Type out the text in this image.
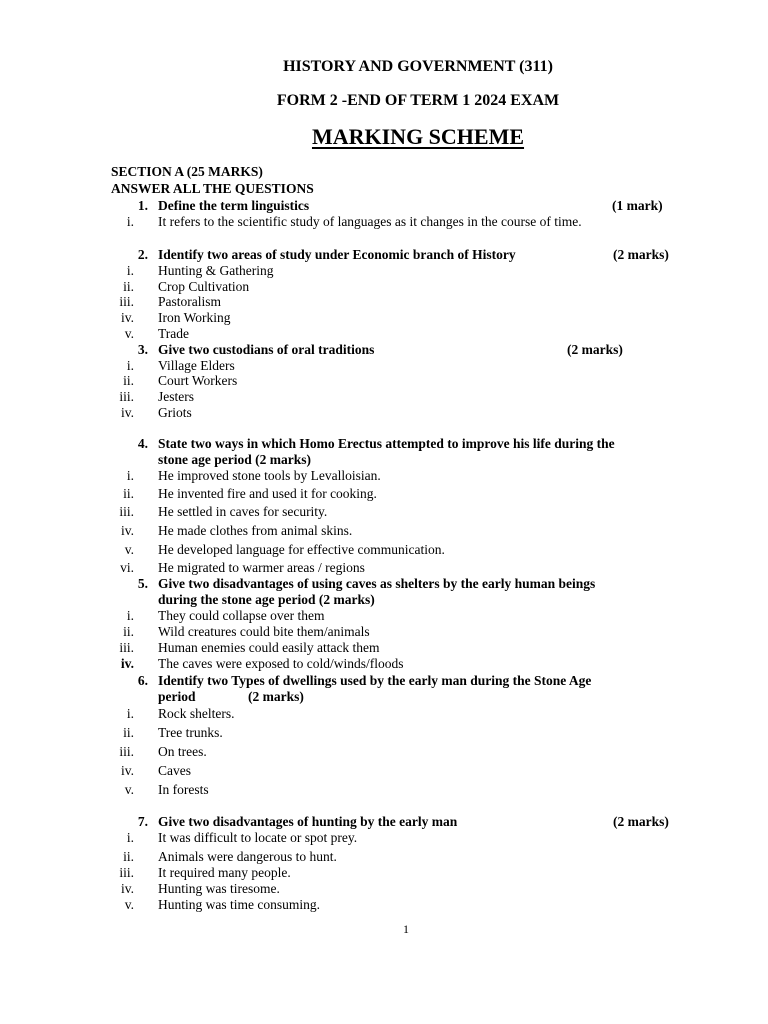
HISTORY AND GOVERNMENT (311)
FORM 2 -END OF TERM 1 2024 EXAM
MARKING SCHEME
SECTION A (25 MARKS)
ANSWER ALL THE QUESTIONS
1. Define the term linguistics	(1 mark)
i. It refers to the scientific study of languages as it changes in the course of time.
2. Identify two areas of study under Economic branch of History	(2 marks)
i. Hunting & Gathering
ii. Crop Cultivation
iii. Pastoralism
iv. Iron Working
v. Trade
3. Give two custodians of oral traditions	(2 marks)
i. Village Elders
ii. Court Workers
iii. Jesters
iv. Griots
4. State two ways in which Homo Erectus attempted to improve his life during the
stone age period (2 marks)
i. He improved stone tools by Levalloisian.
ii. He invented fire and used it for cooking.
iii. He settled in caves for security.
iv. He made clothes from animal skins.
v. He developed language for effective communication.
vi. He migrated to warmer areas / regions
5. Give two disadvantages of using caves as shelters by the early human beings
during the stone age period (2 marks)
i. They could collapse over them
ii. Wild creatures could bite them/animals
iii. Human enemies could easily attack them
iv. The caves were exposed to cold/winds/floods
6. Identify two Types of dwellings used by the early man during the Stone Age
period	(2 marks)
i. Rock shelters.
ii. Tree trunks.
iii. On trees.
iv. Caves
v. In forests
7. Give two disadvantages of hunting by the early man	(2 marks)
i. It was difficult to locate or spot prey.
ii. Animals were dangerous to hunt.
iii. It required many people.
iv. Hunting was tiresome.
v. Hunting was time consuming.
1
